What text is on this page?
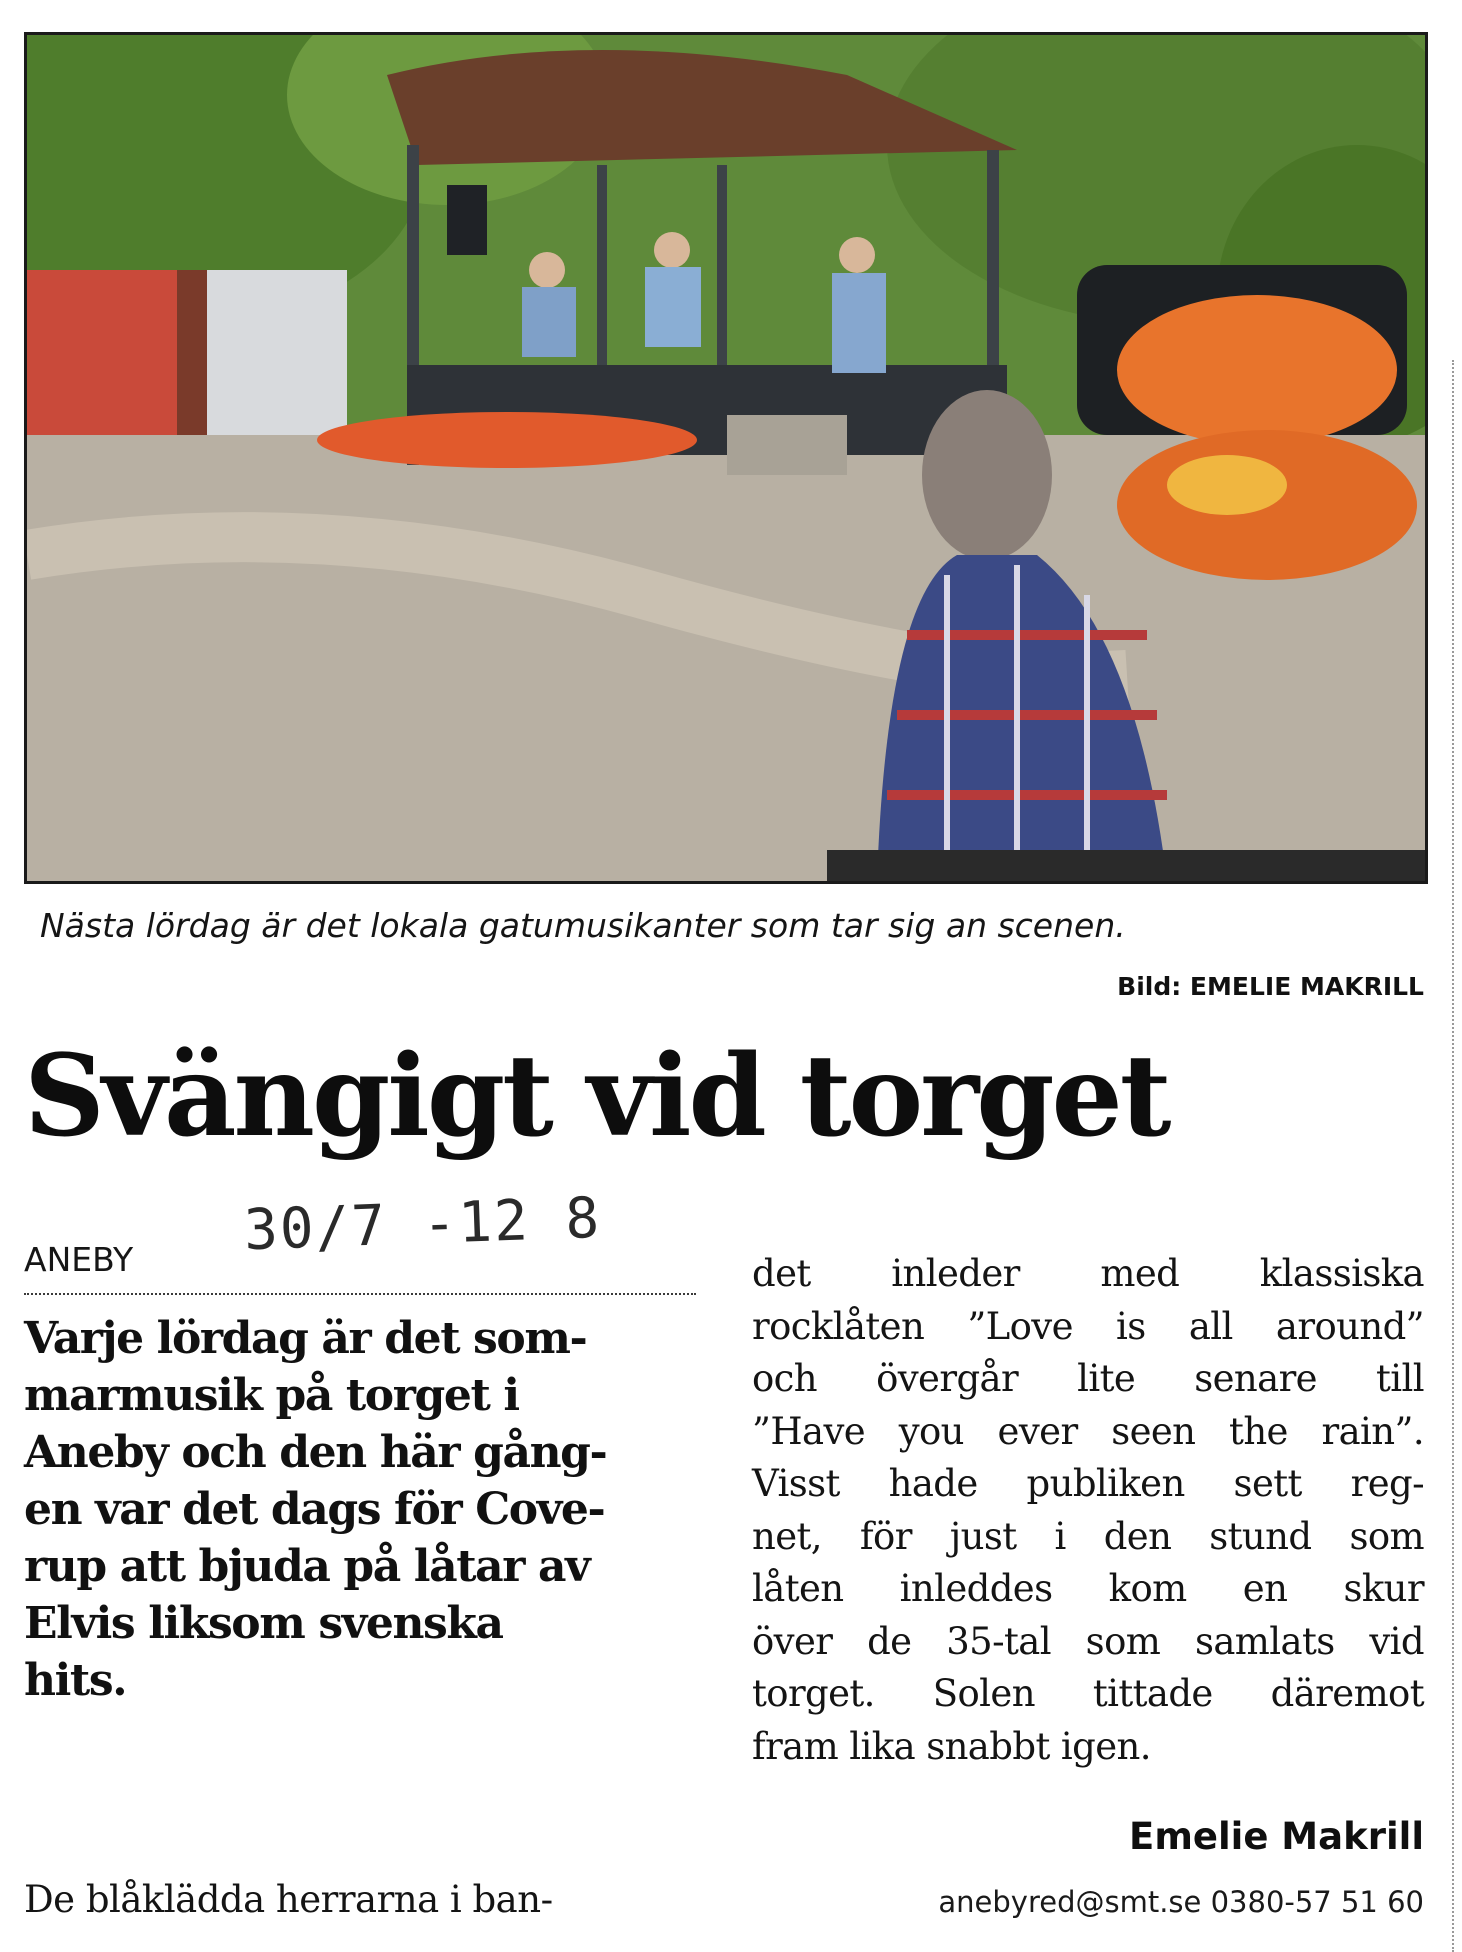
Nästa lördag är det lokala gatumusikanter som tar sig an scenen.
Bild: EMELIE MAKRILL
Svängigt vid torget
30/7 -12 8
ANEBY
Varje lördag är det som-
marmusik på torget i
Aneby och den här gång-
en var det dags för Cove-
rup att bjuda på låtar av
Elvis liksom svenska
hits.
De blåklädda herrarna i ban-
det inleder med klassiska
rocklåten ”Love is all around”
och övergår lite senare till
”Have you ever seen the rain”.
Visst hade publiken sett reg-
net, för just i den stund som
låten inleddes kom en skur
över de 35-tal som samlats vid
torget. Solen tittade däremot
fram lika snabbt igen.
Emelie Makrill
anebyred@smt.se 0380-57 51 60
